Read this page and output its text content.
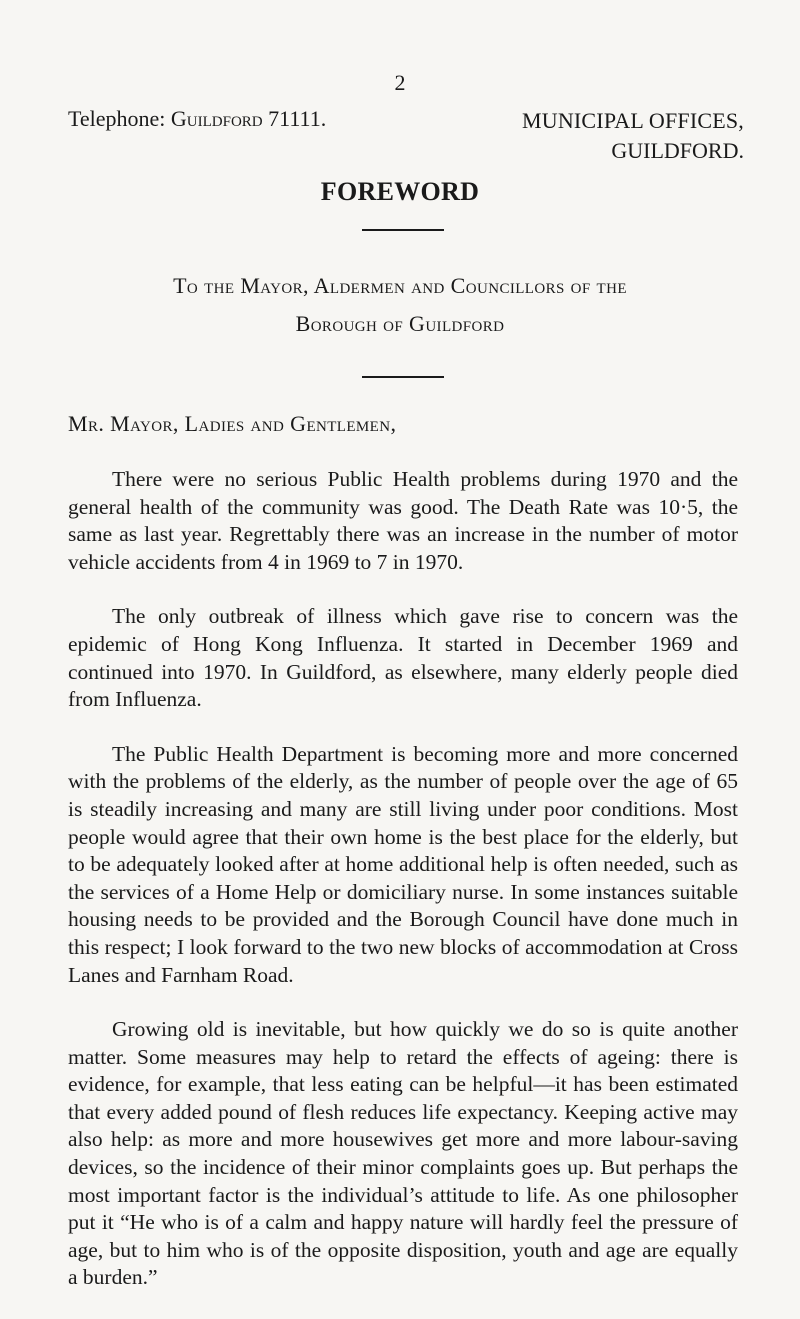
2
Telephone: Guildford 71111.	MUNICIPAL OFFICES,
GUILDFORD.
FOREWORD
To the Mayor, Aldermen and Councillors of the
Borough of Guildford
Mr. Mayor, Ladies and Gentlemen,

There were no serious Public Health problems during 1970 and the general health of the community was good. The Death Rate was 10·5, the same as last year. Regrettably there was an increase in the number of motor vehicle accidents from 4 in 1969 to 7 in 1970.

The only outbreak of illness which gave rise to concern was the epidemic of Hong Kong Influenza. It started in December 1969 and continued into 1970. In Guildford, as elsewhere, many elderly people died from Influenza.

The Public Health Department is becoming more and more concerned with the problems of the elderly, as the number of people over the age of 65 is steadily increasing and many are still living under poor conditions. Most people would agree that their own home is the best place for the elderly, but to be adequately looked after at home additional help is often needed, such as the services of a Home Help or domiciliary nurse. In some instances suitable housing needs to be provided and the Borough Council have done much in this respect; I look forward to the two new blocks of accommodation at Cross Lanes and Farnham Road.

Growing old is inevitable, but how quickly we do so is quite another matter. Some measures may help to retard the effects of ageing: there is evidence, for example, that less eating can be helpful—it has been estimated that every added pound of flesh reduces life expectancy. Keeping active may also help: as more and more housewives get more and more labour-saving devices, so the incidence of their minor complaints goes up. But perhaps the most important factor is the individual’s attitude to life. As one philosopher put it “He who is of a calm and happy nature will hardly feel the pressure of age, but to him who is of the opposite disposition, youth and age are equally a burden.”
